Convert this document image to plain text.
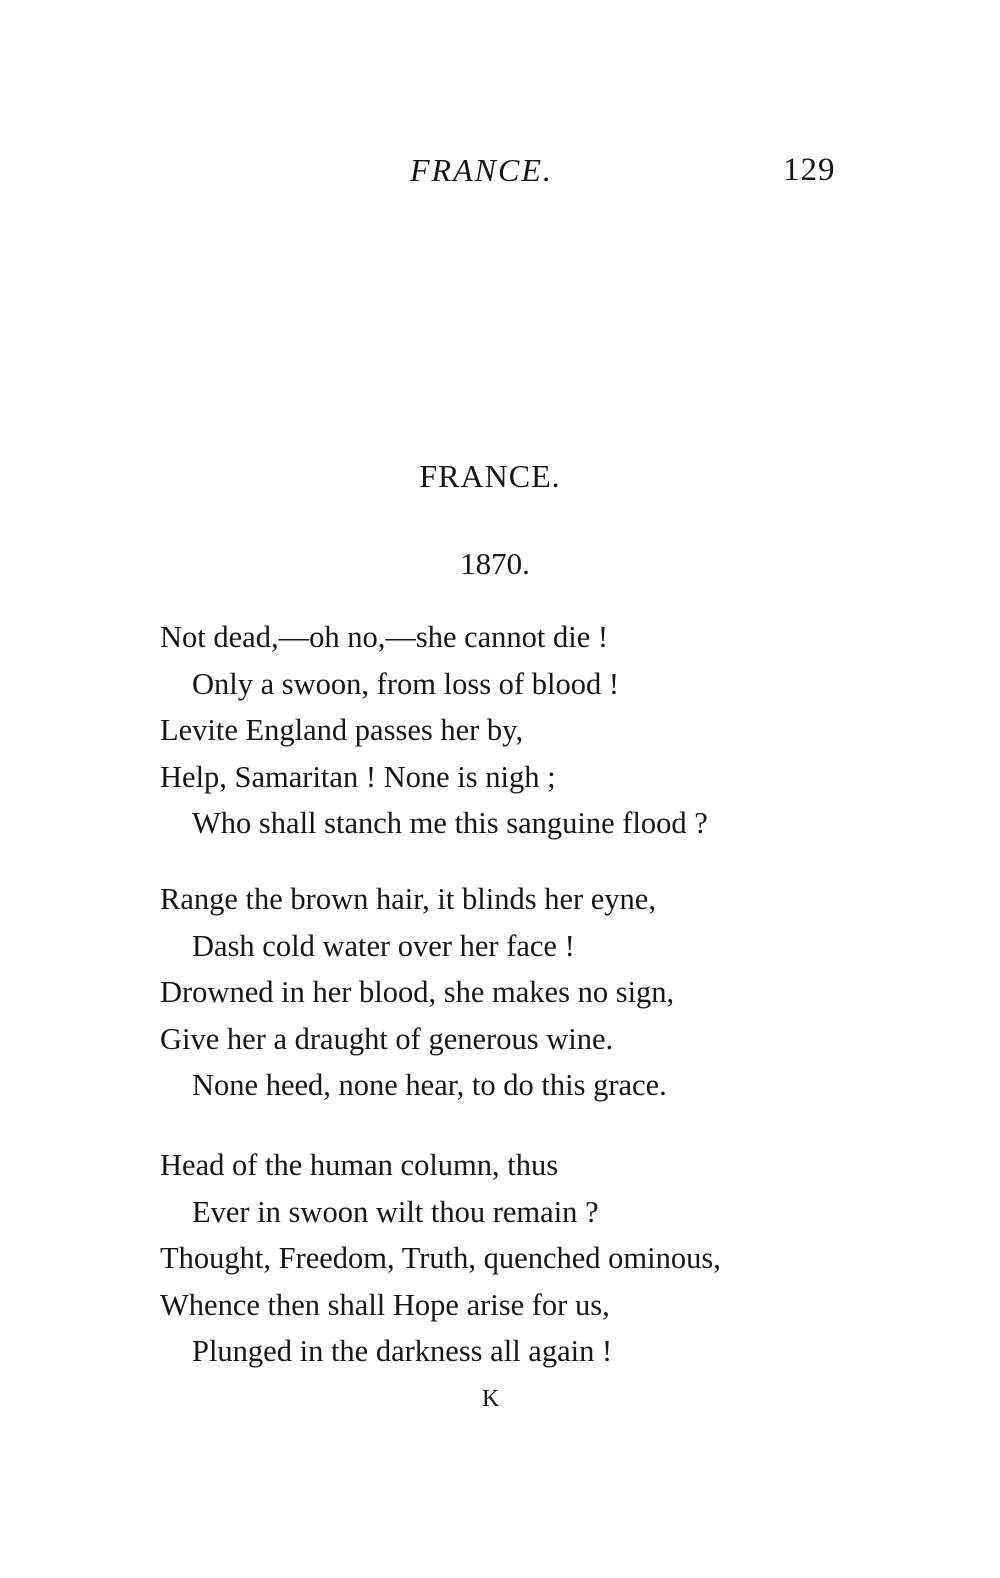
FRANCE.	129
FRANCE.
1870.
Not dead,—oh no,—she cannot die !
Only a swoon, from loss of blood !
Levite England passes her by,
Help, Samaritan ! None is nigh ;
Who shall stanch me this sanguine flood ?
Range the brown hair, it blinds her eyne,
Dash cold water over her face !
Drowned in her blood, she makes no sign,
Give her a draught of generous wine.
None heed, none hear, to do this grace.
Head of the human column, thus
Ever in swoon wilt thou remain ?
Thought, Freedom, Truth, quenched ominous,
Whence then shall Hope arise for us,
Plunged in the darkness all again !
K
